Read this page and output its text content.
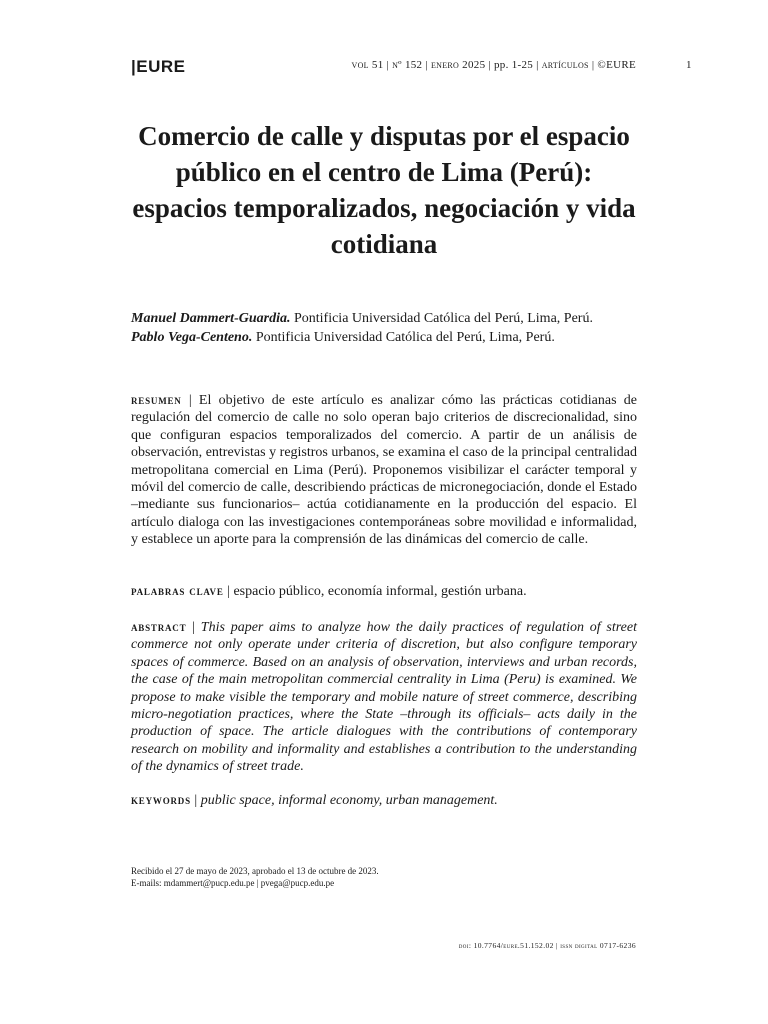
|EURE	vol 51 | nº 152 | enero 2025 | pp. 1-25 | artículos | ©EURE	1
Comercio de calle y disputas por el espacio público en el centro de Lima (Perú): espacios temporalizados, negociación y vida cotidiana
Manuel Dammert-Guardia. Pontificia Universidad Católica del Perú, Lima, Perú.
Pablo Vega-Centeno. Pontificia Universidad Católica del Perú, Lima, Perú.

resumen | El objetivo de este artículo es analizar cómo las prácticas cotidianas de regulación del comercio de calle no solo operan bajo criterios de discrecionalidad, sino que configuran espacios temporalizados del comercio. A partir de un análisis de observación, entrevistas y registros urbanos, se examina el caso de la principal centralidad metropolitana comercial en Lima (Perú). Proponemos visibilizar el carácter temporal y móvil del comercio de calle, describiendo prácticas de micronegociación, donde el Estado –mediante sus funcionarios– actúa cotidianamente en la producción del espacio. El artículo dialoga con las investigaciones contemporáneas sobre movilidad e informalidad, y establece un aporte para la comprensión de las dinámicas del comercio de calle.

palabras clave | espacio público, economía informal, gestión urbana.

abstract | This paper aims to analyze how the daily practices of regulation of street commerce not only operate under criteria of discretion, but also configure temporary spaces of commerce. Based on an analysis of observation, interviews and urban records, the case of the main metropolitan commercial centrality in Lima (Peru) is examined. We propose to make visible the temporary and mobile nature of street commerce, describing micro-negotiation practices, where the State –through its officials– acts daily in the production of space. The article dialogues with the contributions of contemporary research on mobility and informality and establishes a contribution to the understanding of the dynamics of street trade.

keywords | public space, informal economy, urban management.

Recibido el 27 de mayo de 2023, aprobado el 13 de octubre de 2023.
E-mails: mdammert@pucp.edu.pe | pvega@pucp.edu.pe
doi: 10.7764/eure.51.152.02 | issn digital 0717-6236
